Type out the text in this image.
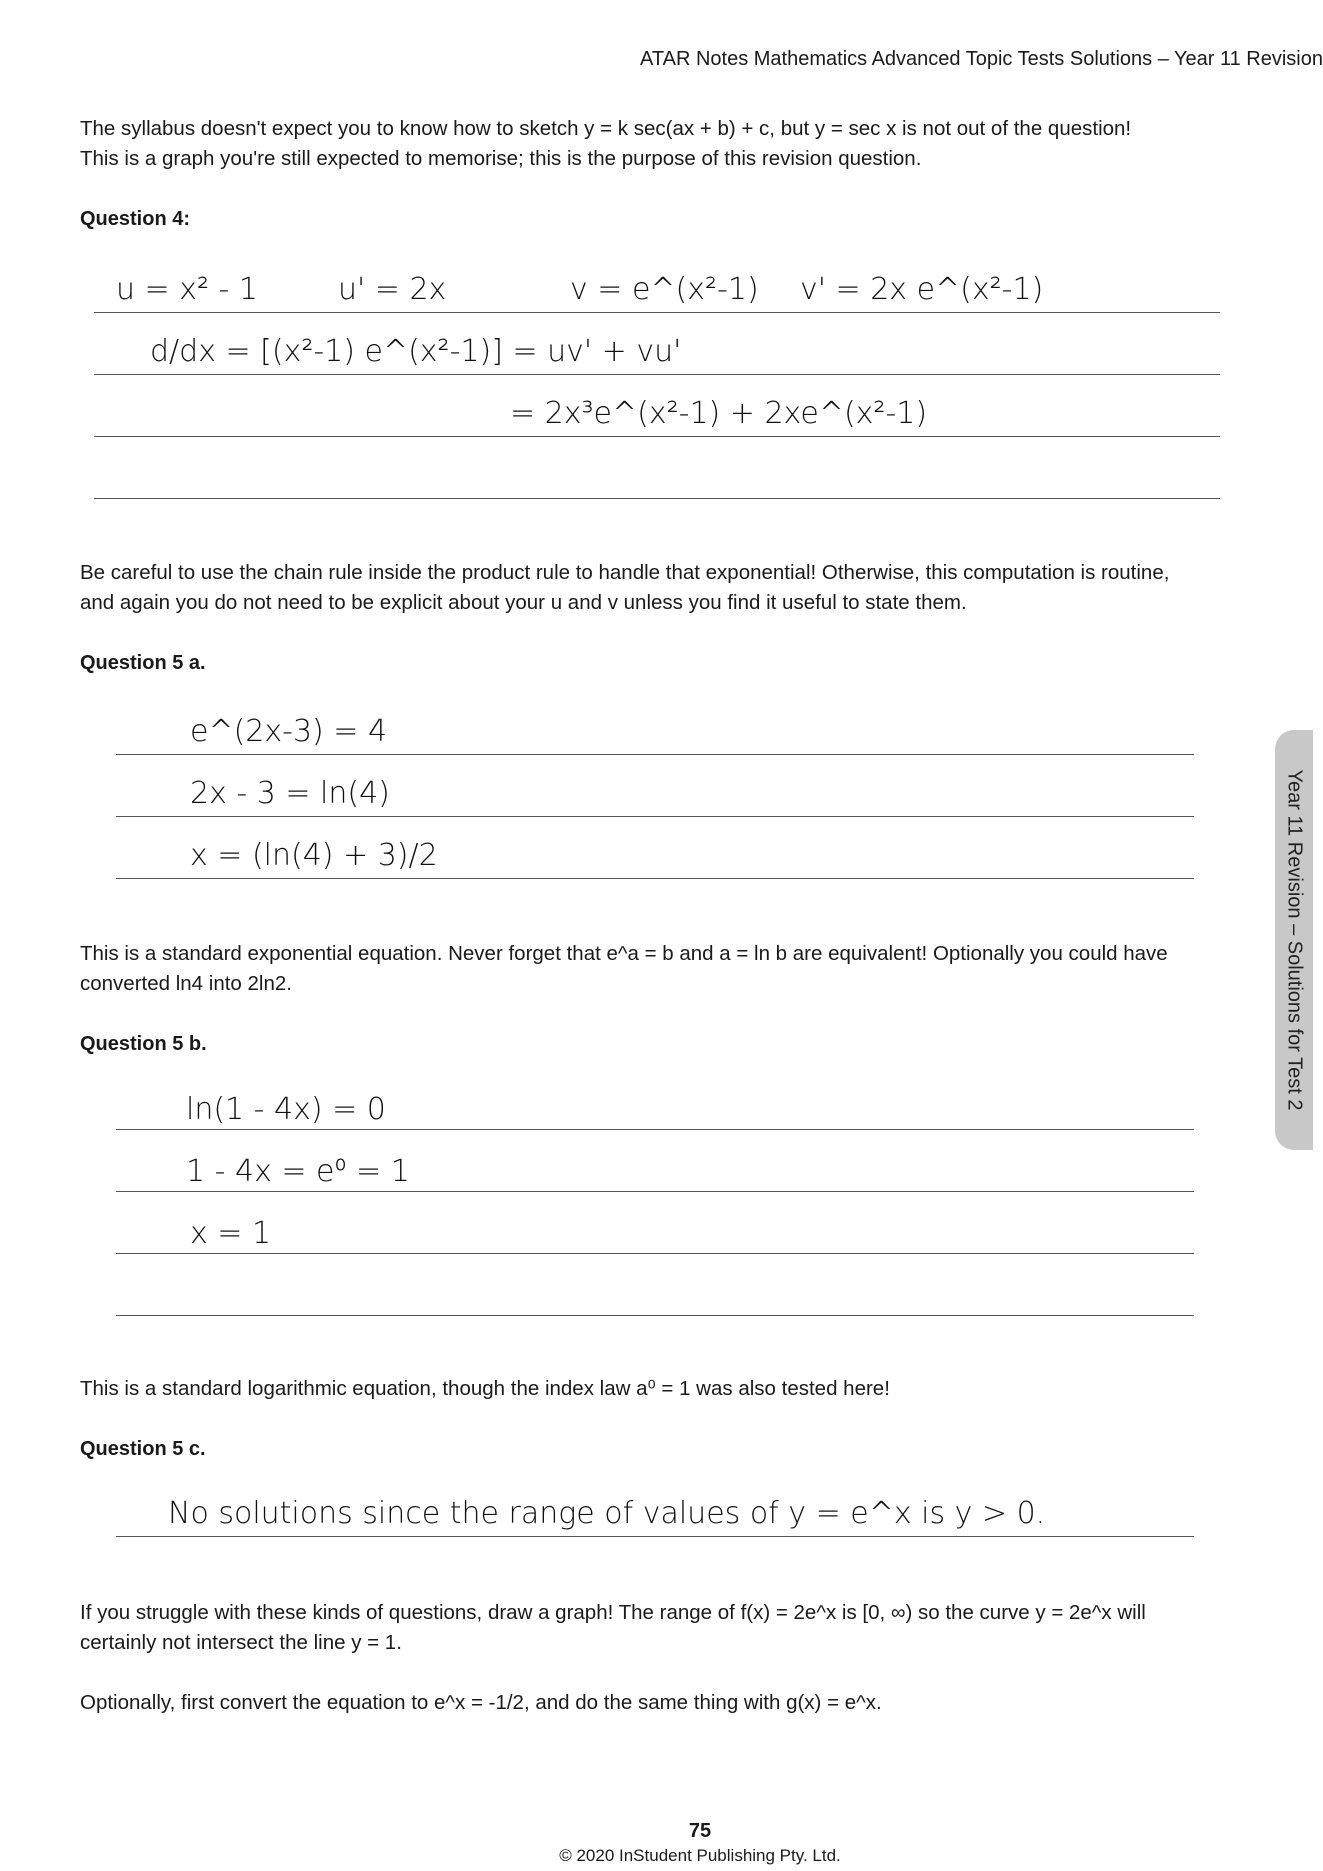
ATAR Notes Mathematics Advanced Topic Tests Solutions – Year 11 Revision
The syllabus doesn't expect you to know how to sketch y = k sec(ax + b) + c, but y = sec x is not out of the question!
This is a graph you're still expected to memorise; this is the purpose of this revision question.
Question 4:
u = x² - 1	u' = 2x	v = e^(x²-1) v' = 2x e^(x²-1)
d/dx = [(x²-1) e^(x²-1)] = uv' + vu'
= 2x³e^(x²-1) + 2xe^(x²-1)
Be careful to use the chain rule inside the product rule to handle that exponential! Otherwise, this computation is routine,
and again you do not need to be explicit about your u and v unless you find it useful to state them.
Question 5 a.
e^(2x-3) = 4
2x - 3 = ln(4)
x = (ln(4) + 3)/2
This is a standard exponential equation. Never forget that e^a = b and a = ln b are equivalent! Optionally you could have
converted ln4 into 2ln2.
Question 5 b.
ln(1 - 4x) = 0
1 - 4x = e⁰ = 1
x = 1
This is a standard logarithmic equation, though the index law a⁰ = 1 was also tested here!
Question 5 c.
No solutions since the range of values of y = e^x is y > 0.
If you struggle with these kinds of questions, draw a graph! The range of f(x) = 2e^x is [0, ∞) so the curve y = 2e^x will
certainly not intersect the line y = 1.
Optionally, first convert the equation to e^x = -1/2, and do the same thing with g(x) = e^x.
Year 11 Revision – Solutions for Test 2
75
© 2020 InStudent Publishing Pty. Ltd.
